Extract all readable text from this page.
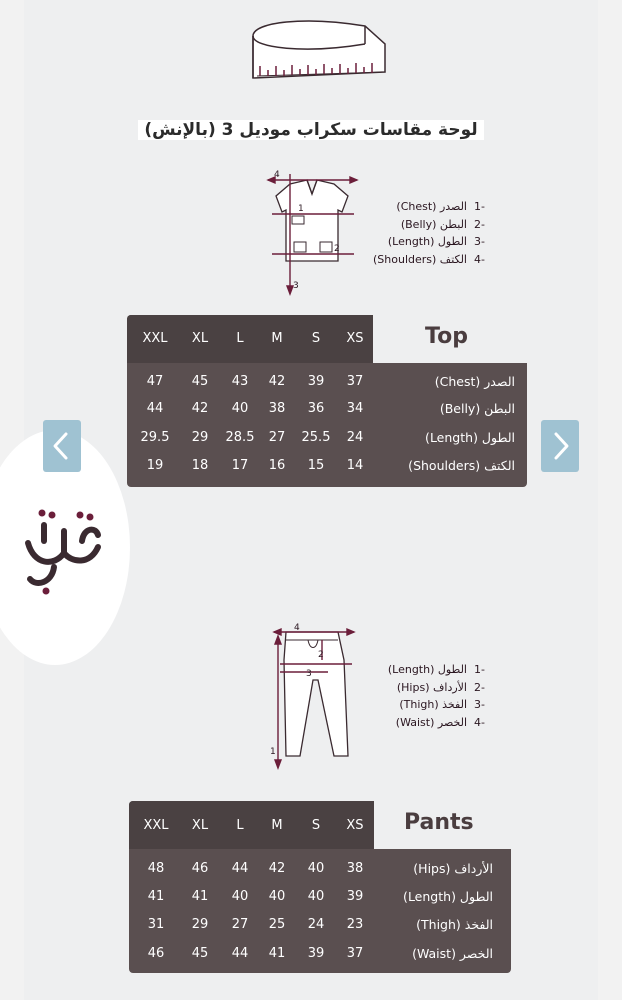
لوحة مقاسات سكراب موديل 3 (بالإنش)
4
1
2
3
-1الصدر (Chest)
-2البطن (Belly)
-3الطول (Length)
-4الكتف (Shoulders)
Top
XXL	XL	L	M	S	XS
47	45	43	42	39	37	الصدر (Chest)
44	42	40	38	36	34	البطن (Belly)
29.5	29	28.5	27	25.5	24	الطول (Length)
19	18	17	16	15	14	الكتف (Shoulders)
4
2
3
1
-1الطول (Length)
-2الأرداف (Hips)
-3الفخذ (Thigh)
-4الخصر (Waist)
Pants
XXL	XL	L	M	S	XS
48	46	44	42	40	38	الأرداف (Hips)
41	41	40	40	40	39	الطول (Length)
31	29	27	25	24	23	الفخذ (Thigh)
46	45	44	41	39	37	الخصر (Waist)
